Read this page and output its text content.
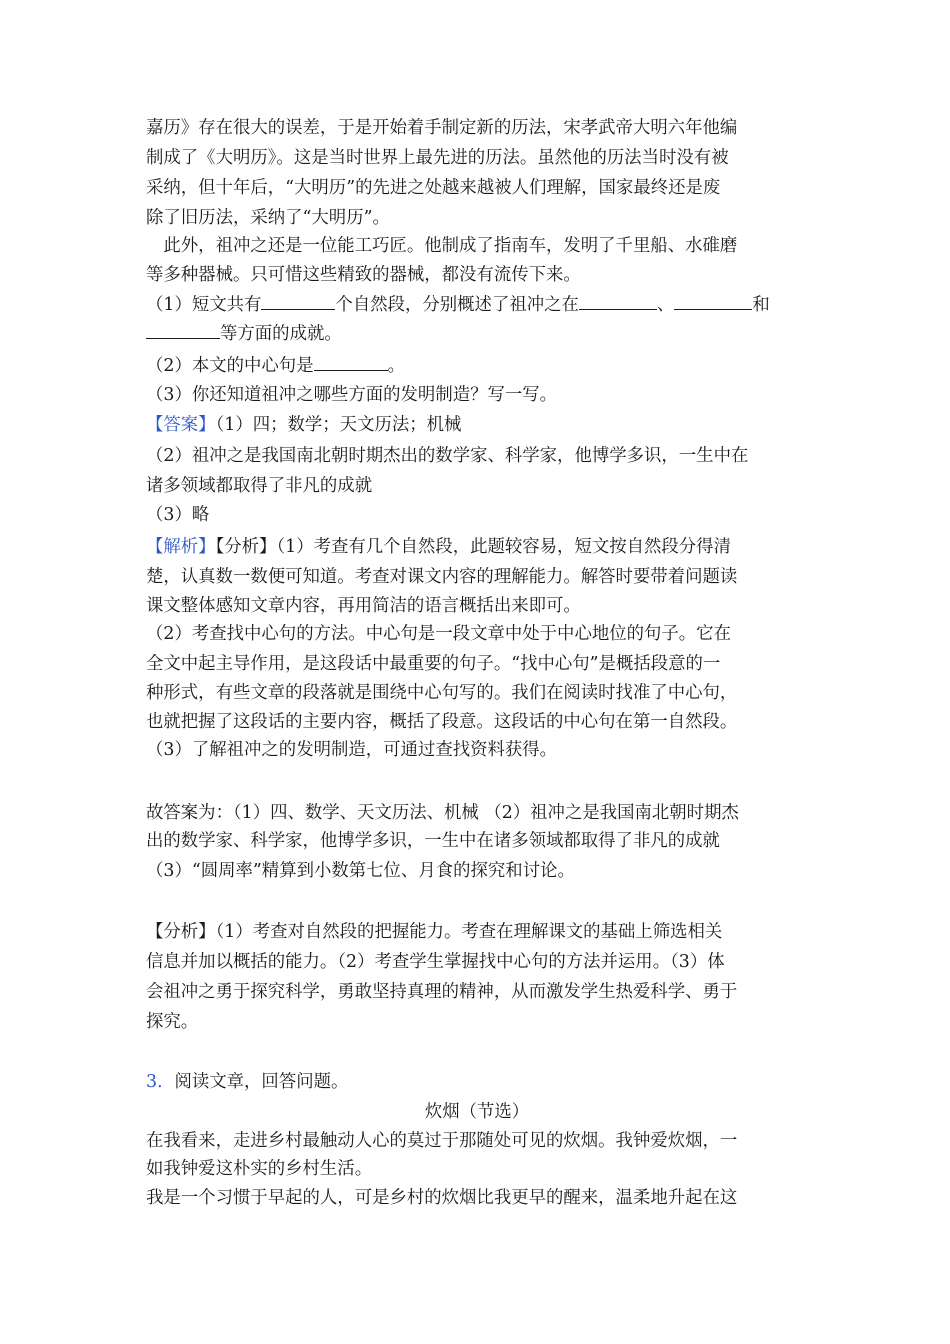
嘉历》存在很大的误差，于是开始着手制定新的历法，宋孝武帝大明六年他编
制成了《大明历》。这是当时世界上最先进的历法。虽然他的历法当时没有被
采纳，但十年后，“大明历”的先进之处越来越被人们理解，国家最终还是废
除了旧历法，采纳了“大明历”。
　此外，祖冲之还是一位能工巧匠。他制成了指南车，发明了千里船、水碓磨
等多种器械。只可惜这些精致的器械，都没有流传下来。
（1）短文共有	个自然段，分别概述了祖冲之在	、	和
等方面的成就。
（2）本文的中心句是	。
（3）你还知道祖冲之哪些方面的发明制造？写一写。
【答案】（1）四；数学；天文历法；机械
（2）祖冲之是我国南北朝时期杰出的数学家、科学家，他博学多识，一生中在
诸多领域都取得了非凡的成就
（3）略
【解析】【分析】（1）考查有几个自然段，此题较容易，短文按自然段分得清
楚，认真数一数便可知道。考查对课文内容的理解能力。解答时要带着问题读
课文整体感知文章内容，再用简洁的语言概括出来即可。
（2）考查找中心句的方法。中心句是一段文章中处于中心地位的句子。它在
全文中起主导作用，是这段话中最重要的句子。“找中心句”是概括段意的一
种形式，有些文章的段落就是围绕中心句写的。我们在阅读时找准了中心句，
也就把握了这段话的主要内容，概括了段意。这段话的中心句在第一自然段。
（3）了解祖冲之的发明制造，可通过查找资料获得。
故答案为：（1）四、数学、天文历法、机械 （2）祖冲之是我国南北朝时期杰
出的数学家、科学家，他博学多识，一生中在诸多领域都取得了非凡的成就
（3）“圆周率”精算到小数第七位、月食的探究和讨论。
【分析】（1）考查对自然段的把握能力。考查在理解课文的基础上筛选相关
信息并加以概括的能力。（2）考查学生掌握找中心句的方法并运用。（3）体
会祖冲之勇于探究科学，勇敢坚持真理的精神，从而激发学生热爱科学、勇于
探究。
3．阅读文章，回答问题。
炊烟（节选）
在我看来，走进乡村最触动人心的莫过于那随处可见的炊烟。我钟爱炊烟，一
如我钟爱这朴实的乡村生活。
我是一个习惯于早起的人，可是乡村的炊烟比我更早的醒来，温柔地升起在这
